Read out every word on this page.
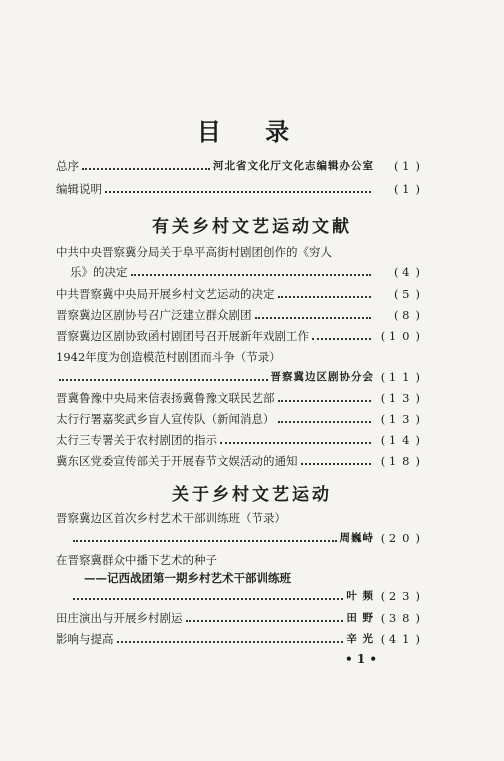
目 录
总序	河北省文化厅文化志编辑办公室	( 1)
编辑说明	( 1)
有关乡村文艺运动文献
中共中央晋察冀分局关于阜平高街村剧团创作的《穷人
乐》的决定	( 4)
中共晋察冀中央局开展乡村文艺运动的决定	( 5)
晋察冀边区剧协号召广泛建立群众剧团	( 8)
晋察冀边区剧协致函村剧团号召开展新年戏剧工作	( 10)
1942年度为创造模范村剧团而斗争（节录）
晋察冀边区剧协分会 ( 11)
晋冀鲁豫中央局来信表扬冀鲁豫文联民艺部	( 13)
太行行署嘉奖武乡盲人宣传队（新闻消息）	( 13)
太行三专署关于农村剧团的指示	( 14)
冀东区党委宣传部关于开展春节文娱活动的通知	( 18)
关于乡村文艺运动
晋察冀边区首次乡村艺术干部训练班（节录）
周巍峙 ( 20)
在晋察冀群众中播下艺术的种子
——记西战团第一期乡村艺术干部训练班
叶 频 ( 23)
田庄演出与开展乡村剧运	田 野 ( 38)
影响与提高	辛 光 ( 41)
• 1 •
